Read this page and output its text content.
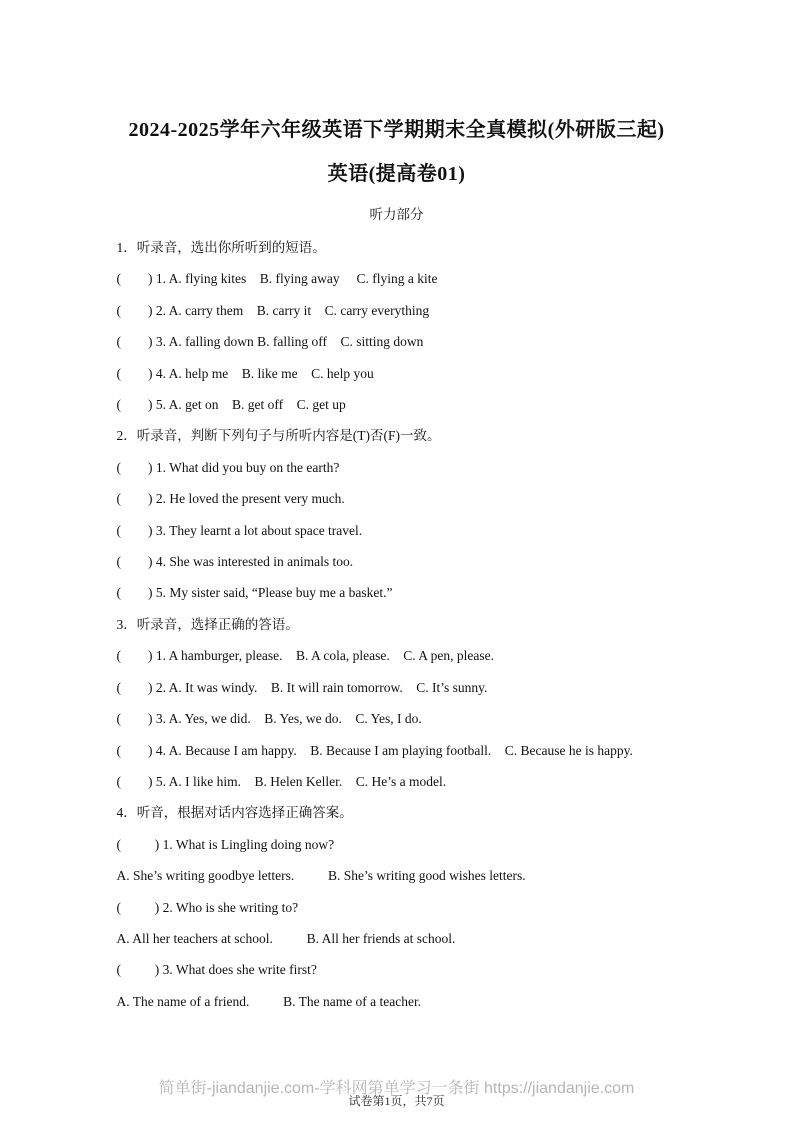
2024-2025学年六年级英语下学期期末全真模拟(外研版三起)
英语(提高卷01)
听力部分

1．听录音，选出你所听到的短语。

(        ) 1. A. flying kites    B. flying away     C. flying a kite

(        ) 2. A. carry them    B. carry it    C. carry everything

(        ) 3. A. falling down B. falling off    C. sitting down

(        ) 4. A. help me    B. like me    C. help you

(        ) 5. A. get on    B. get off    C. get up

2．听录音，判断下列句子与所听内容是(T)否(F)一致。

(        ) 1. What did you buy on the earth?

(        ) 2. He loved the present very much.

(        ) 3. They learnt a lot about space travel.

(        ) 4. She was interested in animals too.

(        ) 5. My sister said, “Please buy me a basket.”

3．听录音，选择正确的答语。

(        ) 1. A hamburger, please.    B. A cola, please.    C. A pen, please.

(        ) 2. A. It was windy.    B. It will rain tomorrow.    C. It’s sunny.

(        ) 3. A. Yes, we did.    B. Yes, we do.    C. Yes, I do.

(        ) 4. A. Because I am happy.    B. Because I am playing football.    C. Because he is happy.

(        ) 5. A. I like him.    B. Helen Keller.    C. He’s a model.

4．听音，根据对话内容选择正确答案。

(          ) 1. What is Lingling doing now?

A. She’s writing goodbye letters.          B. She’s writing good wishes letters.

(          ) 2. Who is she writing to?

A. All her teachers at school.          B. All her friends at school.

(          ) 3. What does she write first?

A. The name of a friend.          B. The name of a teacher.

简单街-jiandanjie.com-学科网第单学习一条街 https://jiandanjie.com
试卷第1页，共7页
